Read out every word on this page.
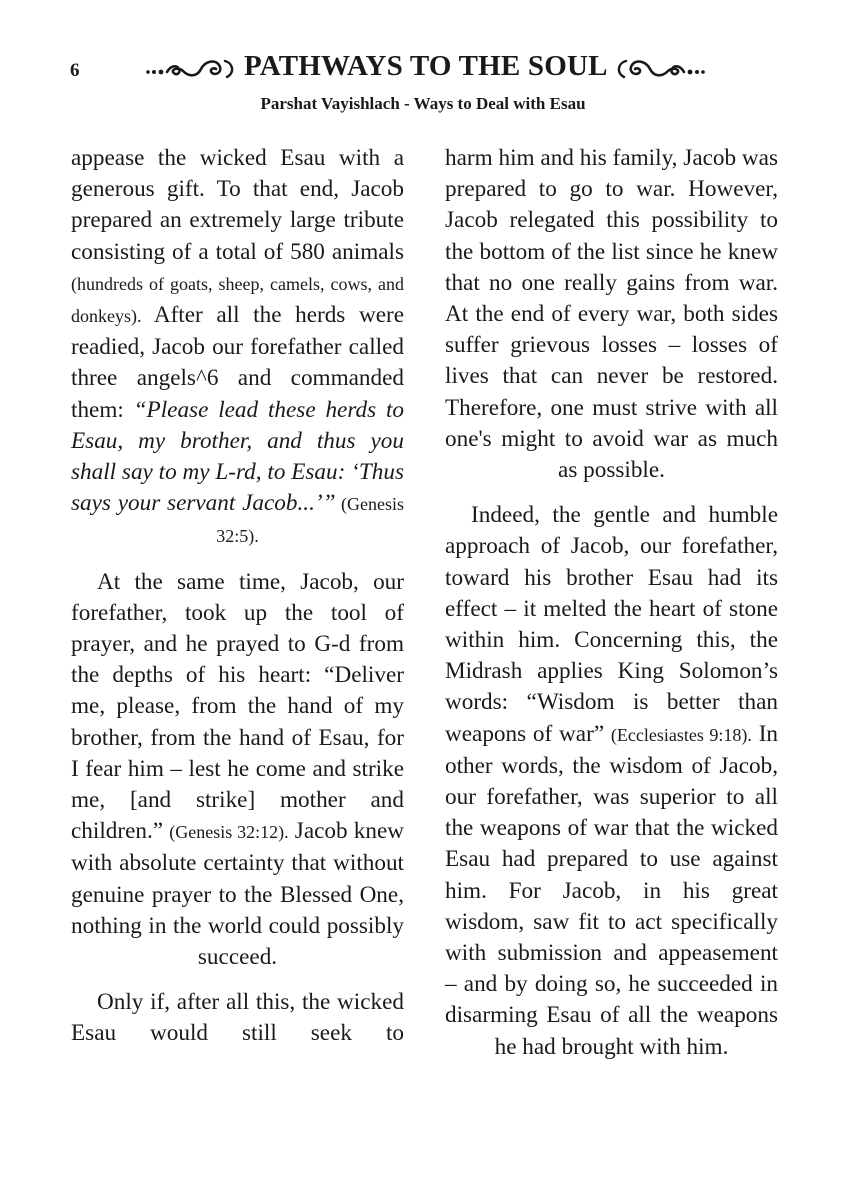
6	PATHWAYS TO THE SOUL
Parshat Vayishlach - Ways to Deal with Esau

appease the wicked Esau with a generous gift. To that end, Jacob prepared an extremely large tribute consisting of a total of 580 animals (hundreds of goats, sheep, camels, cows, and donkeys). After all the herds were readied, Jacob our forefather called three angels^6 and commanded them: “Please lead these herds to Esau, my brother, and thus you shall say to my L-rd, to Esau: ‘Thus says your servant Jacob...’” (Genesis 32:5).

At the same time, Jacob, our forefather, took up the tool of prayer, and he prayed to G-d from the depths of his heart: “Deliver me, please, from the hand of my brother, from the hand of Esau, for I fear him – lest he come and strike me, [and strike] mother and children.” (Genesis 32:12). Jacob knew with absolute certainty that without genuine prayer to the Blessed One, nothing in the world could possibly succeed.

Only if, after all this, the wicked Esau would still seek to

harm him and his family, Jacob was prepared to go to war. However, Jacob relegated this possibility to the bottom of the list since he knew that no one really gains from war. At the end of every war, both sides suffer grievous losses – losses of lives that can never be restored. Therefore, one must strive with all one's might to avoid war as much as possible.

Indeed, the gentle and humble approach of Jacob, our forefather, toward his brother Esau had its effect – it melted the heart of stone within him. Concerning this, the Midrash applies King Solomon’s words: “Wisdom is better than weapons of war” (Ecclesiastes 9:18). In other words, the wisdom of Jacob, our forefather, was superior to all the weapons of war that the wicked Esau had prepared to use against him. For Jacob, in his great wisdom, saw fit to act specifically with submission and appeasement – and by doing so, he succeeded in disarming Esau of all the weapons he had brought with him.
